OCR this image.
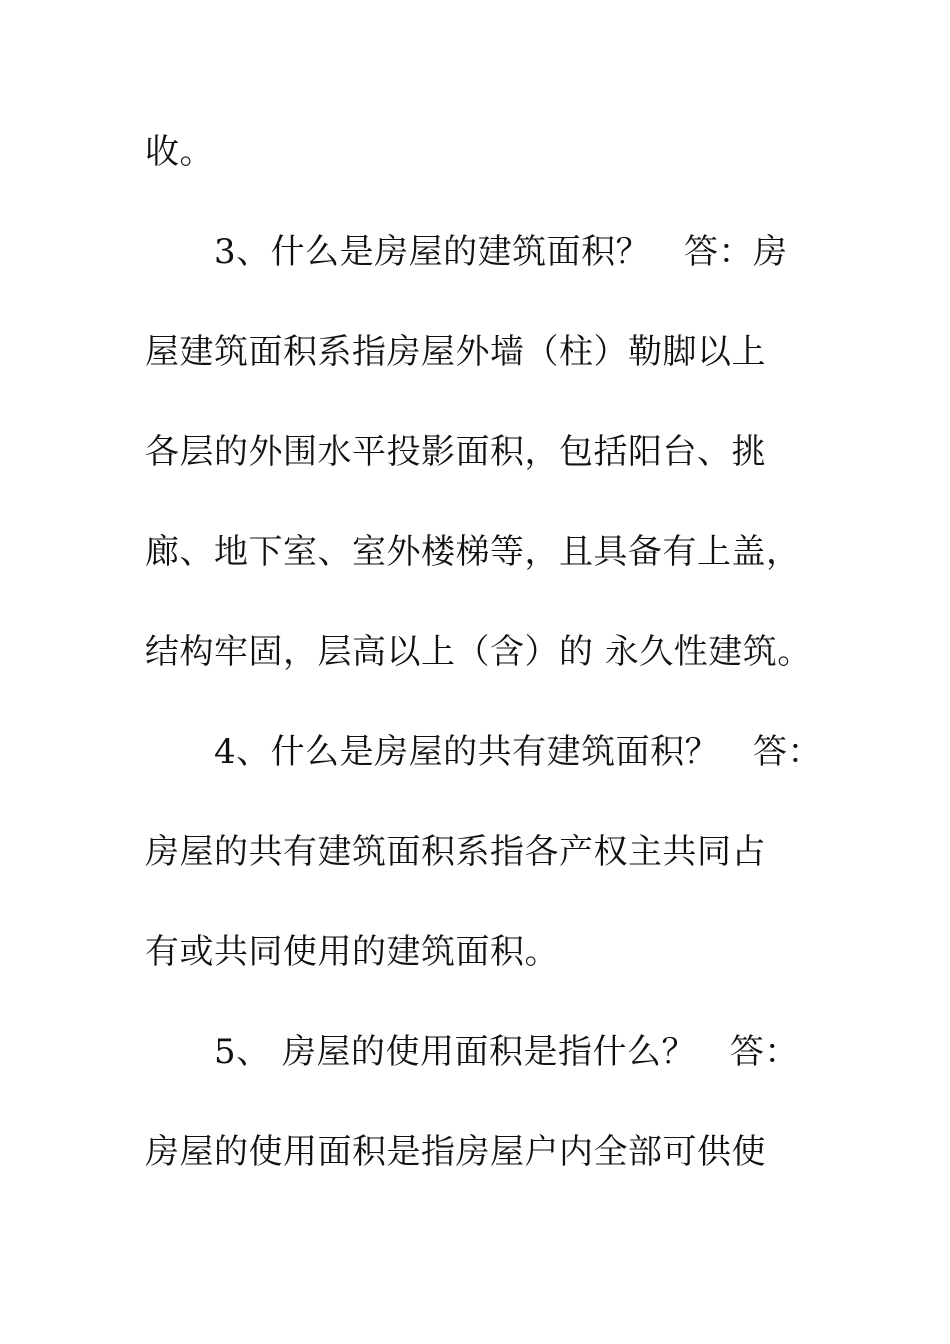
收。
3、什么是房屋的建筑面积？   答：房
屋建筑面积系指房屋外墙（柱）勒脚以上
各层的外围水平投影面积，包括阳台、挑
廊、地下室、室外楼梯等，且具备有上盖，
结构牢固，层高以上（含）的 永久性建筑。
4、什么是房屋的共有建筑面积？   答：
房屋的共有建筑面积系指各产权主共同占
有或共同使用的建筑面积。
5、 房屋的使用面积是指什么？   答：
房屋的使用面积是指房屋户内全部可供使
